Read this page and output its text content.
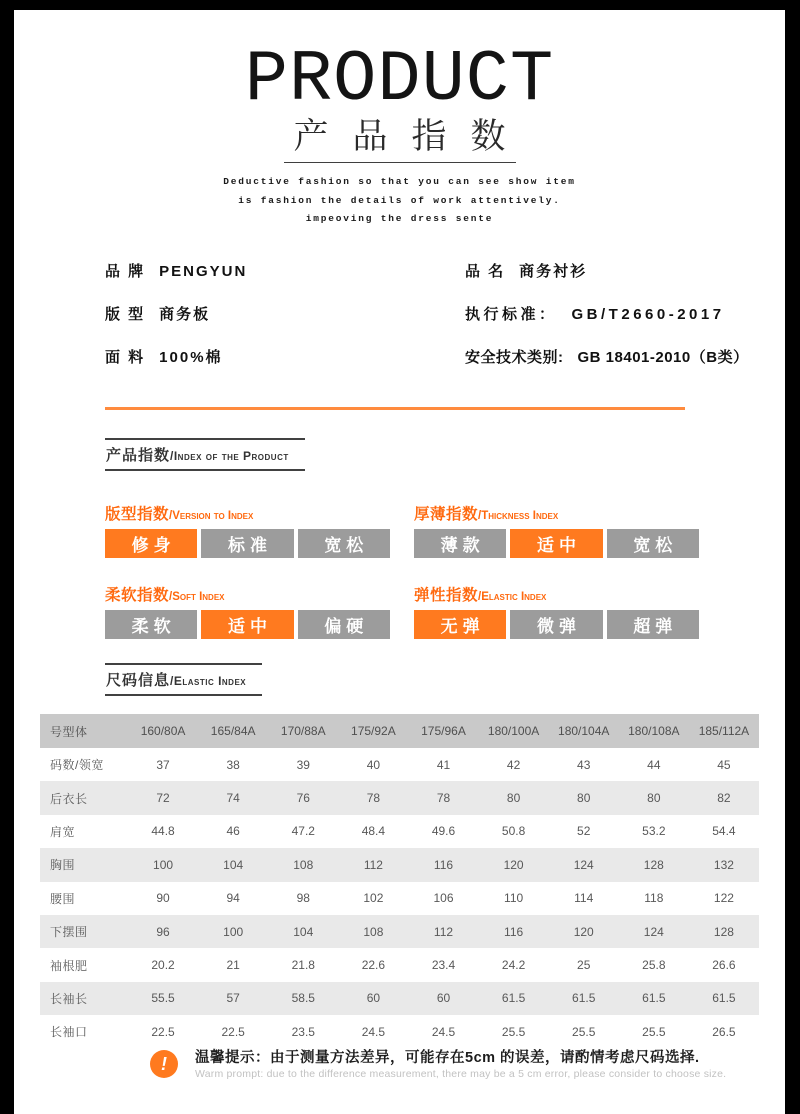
PRODUCT
产品指数
Deductive fashion so that you can see show item
is fashion the details of work attentively.
impeoving the dress sente
品 牌 PENGYUN
版 型 商务板
面 料 100%棉
品 名 商务衬衫
执行标准： GB/T2660-2017
安全技术类别: GB 18401-2010（B类）
产品指数/Index of the Product
版型指数/Version to Index
修身	标准	宽松
厚薄指数/Thickness Index
薄款	适中	宽松
柔软指数/Soft Index
柔软	适中	偏硬
弹性指数/Elastic Index
无弹	微弹	超弹
尺码信息/Elastic Index
号型体	160/80A	165/84A	170/88A	175/92A	175/96A	180/100A	180/104A	180/108A	185/112A
码数/领宽	37	38	39	40	41	42	43	44	45
后衣长	72	74	76	78	78	80	80	80	82
肩宽	44.8	46	47.2	48.4	49.6	50.8	52	53.2	54.4
胸围	100	104	108	112	116	120	124	128	132
腰围	90	94	98	102	106	110	114	118	122
下摆围	96	100	104	108	112	116	120	124	128
袖根肥	20.2	21	21.8	22.6	23.4	24.2	25	25.8	26.6
长袖长	55.5	57	58.5	60	60	61.5	61.5	61.5	61.5
长袖口	22.5	22.5	23.5	24.5	24.5	25.5	25.5	25.5	26.5
! 温馨提示：由于测量方法差异，可能存在5cm 的误差，请酌情考虑尺码选择.
Warm prompt: due to the difference measurement, there may be a 5 cm error, please consider to choose size.
